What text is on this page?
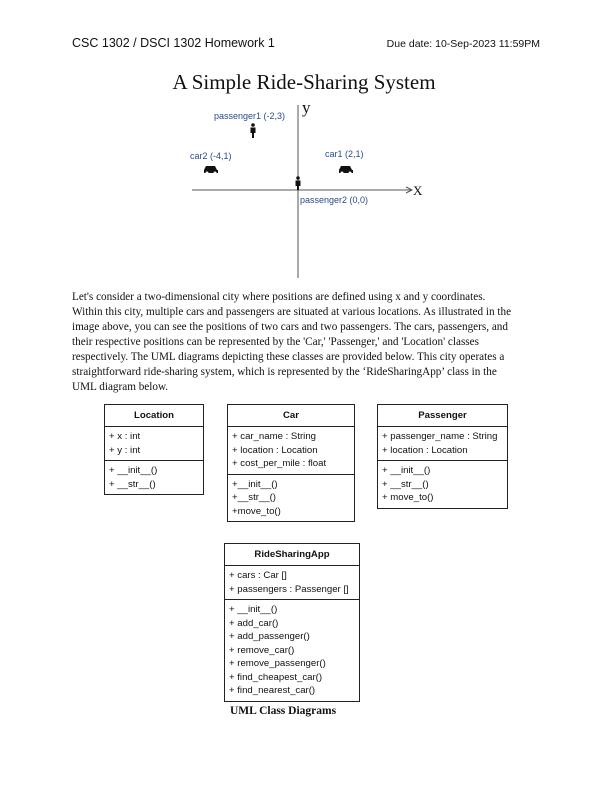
CSC 1302 / DSCI 1302 Homework 1	Due date: 10-Sep-2023 11:59PM
A Simple Ride-Sharing System
y
X
passenger1 (-2,3)
car2 (-4,1)	car1 (2,1)
passenger2 (0,0)
Let's consider a two-dimensional city where positions are defined using x and y coordinates.
Within this city, multiple cars and passengers are situated at various locations. As illustrated in the
image above, you can see the positions of two cars and two passengers. The cars, passengers, and
their respective positions can be represented by the 'Car,' 'Passenger,' and 'Location' classes
respectively. The UML diagrams depicting these classes are provided below. This city operates a
straightforward ride-sharing system, which is represented by the ‘RideSharingApp’ class in the
UML diagram below.
Location
+ x : int
+ y : int
+ __init__()
+ __str__()
Car
+ car_name : String
+ location : Location
+ cost_per_mile : float
+__init__()
+__str__()
+move_to()
Passenger
+ passenger_name : String
+ location : Location
+ __init__()
+ __str__()
+ move_to()
RideSharingApp
+ cars : Car []
+ passengers : Passenger []
+ __init__()
+ add_car()
+ add_passenger()
+ remove_car()
+ remove_passenger()
+ find_cheapest_car()
+ find_nearest_car()
UML Class Diagrams
